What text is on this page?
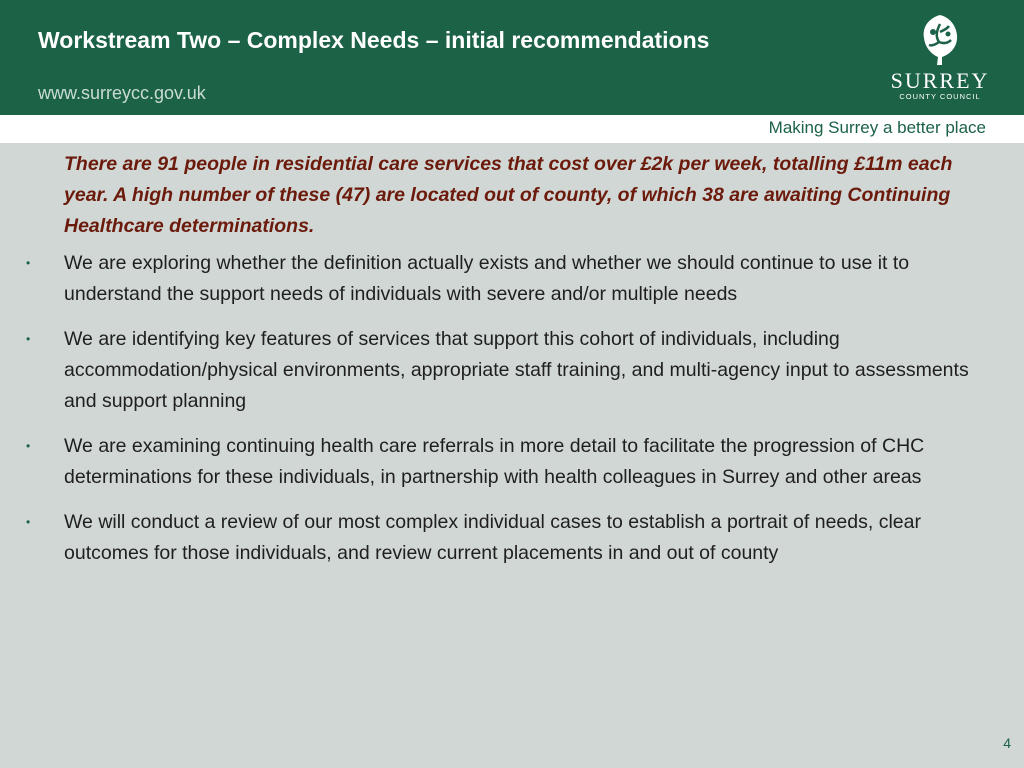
Workstream Two – Complex Needs – initial recommendations
www.surreycc.gov.uk	SURREY
COUNTY COUNCIL
Making Surrey a better place

There are 91 people in residential care services that cost over £2k per week, totalling £11m each year. A high number of these (47) are located out of county, of which 38 are awaiting Continuing Healthcare determinations.

• We are exploring whether the definition actually exists and whether we should continue to use it to understand the support needs of individuals with severe and/or multiple needs
• We are identifying key features of services that support this cohort of individuals, including accommodation/physical environments, appropriate staff training, and multi-agency input to assessments and support planning
• We are examining continuing health care referrals in more detail to facilitate the progression of CHC determinations for these individuals, in partnership with health colleagues in Surrey and other areas
• We will conduct a review of our most complex individual cases to establish a portrait of needs, clear outcomes for those individuals, and review current placements in and out of county
4
